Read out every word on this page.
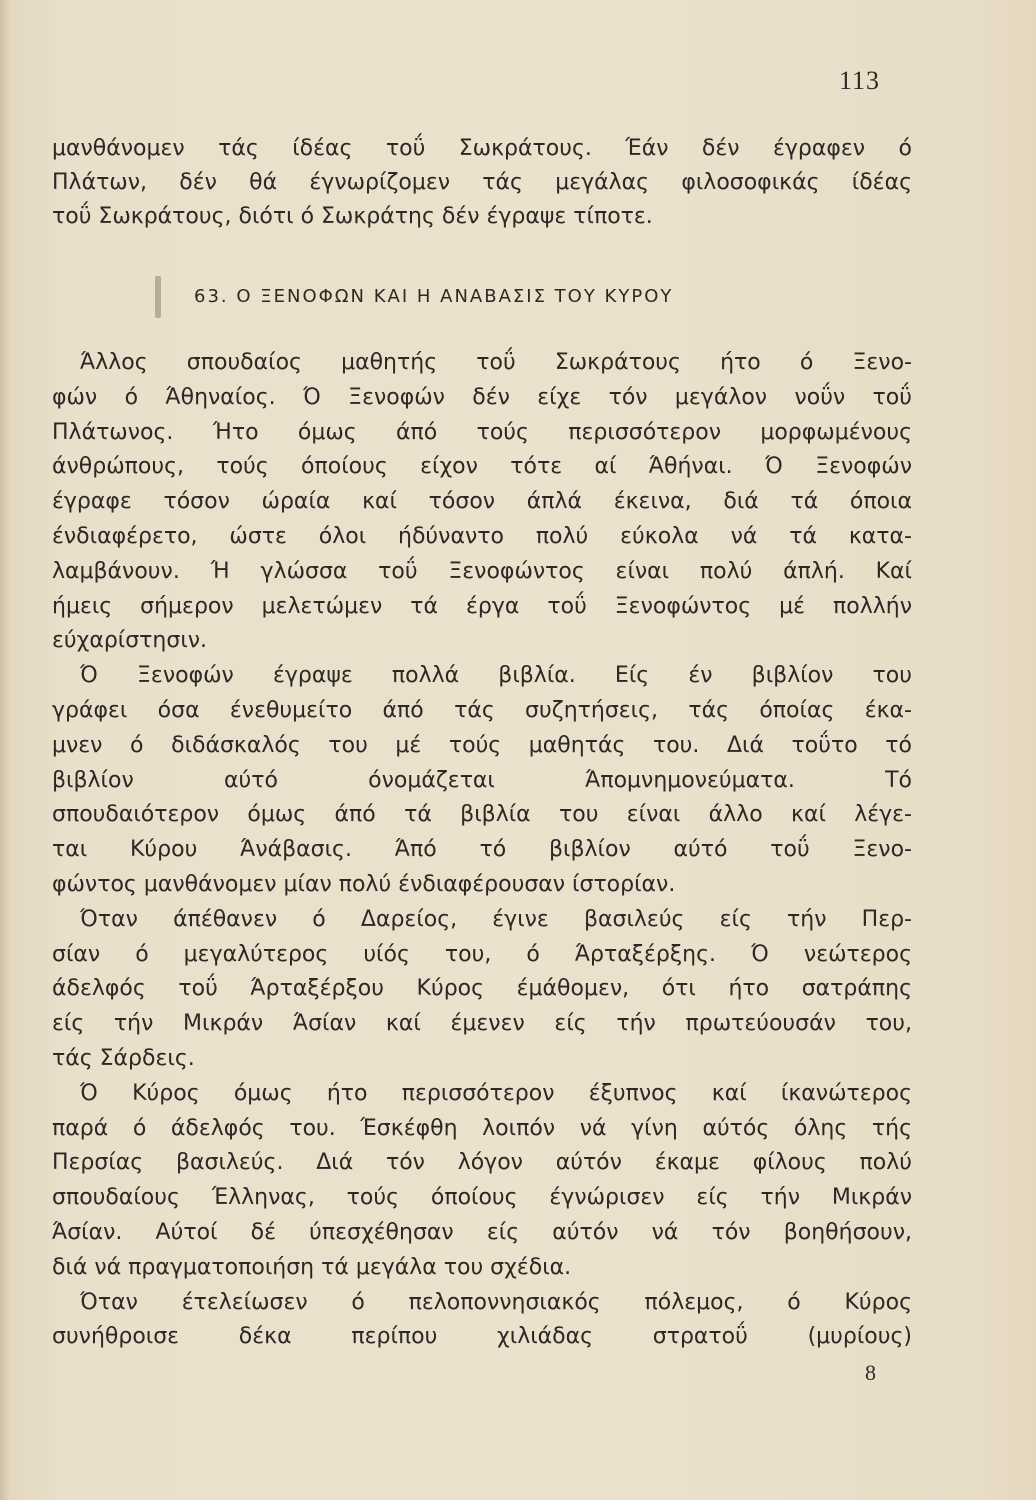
113
μανθάνομεν τάς ίδέας τοΰ Σωκράτους. Έάν δέν έγραφεν ό
Πλάτων, δέν θά έγνωρίζομεν τάς μεγάλας φιλοσοφικάς ίδέας
τοΰ Σωκράτους, διότι ό Σωκράτης δέν έγραψε τίποτε.
63. Ο ΞΕΝΟΦΩΝ ΚΑΙ Η ΑΝΑΒΑΣΙΣ ΤΟΥ ΚΥΡΟΥ
Άλλος σπουδαίος μαθητής τοΰ Σωκράτους ήτο ό Ξενο-
φών ό Άθηναίος. Ό Ξενοφών δέν είχε τόν μεγάλον νοΰν τοΰ
Πλάτωνος. Ήτο όμως άπό τούς περισσότερον μορφωμένους
άνθρώπους, τούς όποίους είχον τότε αί Άθήναι. Ό Ξενοφών
έγραφε τόσον ώραία καί τόσον άπλά έκεινα, διά τά όποια
ένδιαφέρετο, ώστε όλοι ήδύναντο πολύ εύκολα νά τά κατα-
λαμβάνουν. Ή γλώσσα τοΰ Ξενοφώντος είναι πολύ άπλή. Καί
ήμεις σήμερον μελετώμεν τά έργα τοΰ Ξενοφώντος μέ πολλήν
εύχαρίστησιν.
Ό Ξενοφών έγραψε πολλά βιβλία. Είς έν βιβλίον του
γράφει όσα ένεθυμείτο άπό τάς συζητήσεις, τάς όποίας έκα-
μνεν ό διδάσκαλός του μέ τούς μαθητάς του. Διά τοΰτο τό
βιβλίον αύτό όνομάζεται Άπομνημονεύματα. Τό
σπουδαιότερον όμως άπό τά βιβλία του είναι άλλο καί λέγε-
ται Κύρου Άνάβασις. Άπό τό βιβλίον αύτό τοΰ Ξενο-
φώντος μανθάνομεν μίαν πολύ ένδιαφέρουσαν ίστορίαν.
Όταν άπέθανεν ό Δαρείος, έγινε βασιλεύς είς τήν Περ-
σίαν ό μεγαλύτερος υίός του, ό Άρταξέρξης. Ό νεώτερος
άδελφός τοΰ Άρταξέρξου Κύρος έμάθομεν, ότι ήτο σατράπης
είς τήν Μικράν Άσίαν καί έμενεν είς τήν πρωτεύουσάν του,
τάς Σάρδεις.
Ό Κύρος όμως ήτο περισσότερον έξυπνος καί ίκανώτερος
παρά ό άδελφός του. Έσκέφθη λοιπόν νά γίνη αύτός όλης τής
Περσίας βασιλεύς. Διά τόν λόγον αύτόν έκαμε φίλους πολύ
σπουδαίους Έλληνας, τούς όποίους έγνώρισεν είς τήν Μικράν
Άσίαν. Αύτοί δέ ύπεσχέθησαν είς αύτόν νά τόν βοηθήσουν,
διά νά πραγματοποιήση τά μεγάλα του σχέδια.
Όταν έτελείωσεν ό πελοποννησιακός πόλεμος, ό Κύρος
συνήθροισε δέκα περίπου χιλιάδας στρατοΰ (μυρίους)
8
